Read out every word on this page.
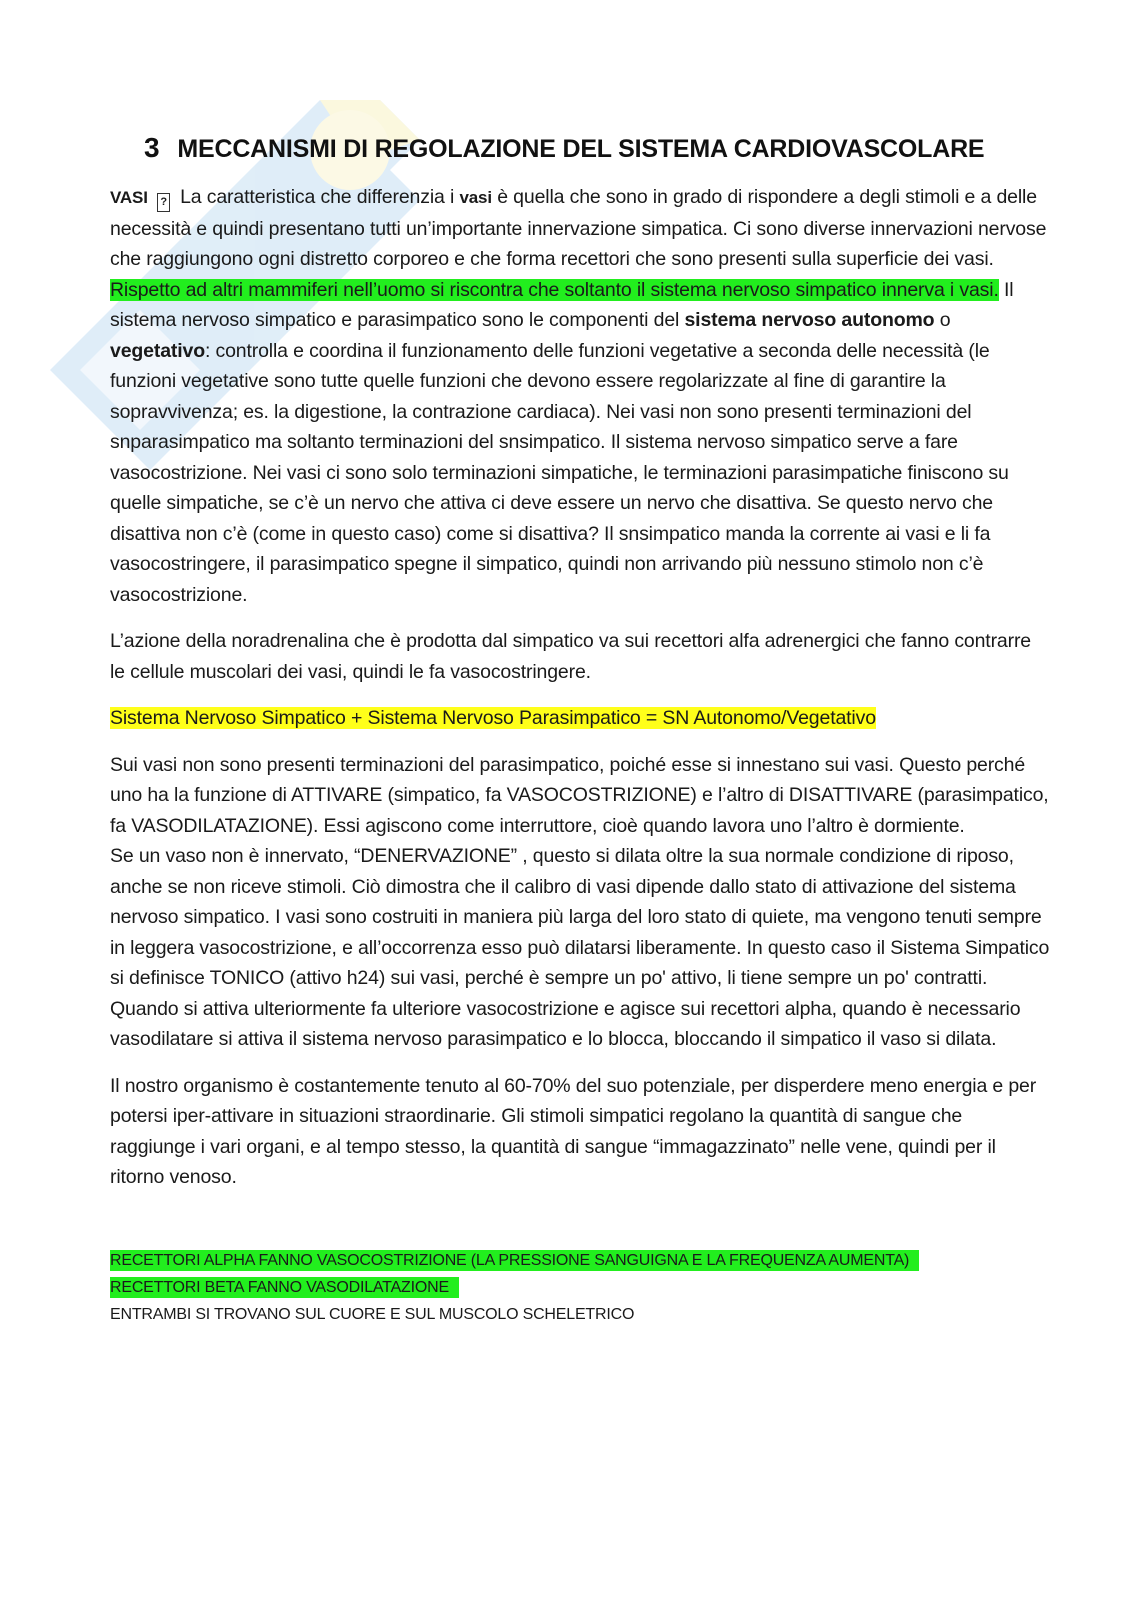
3 MECCANISMI DI REGOLAZIONE DEL SISTEMA CARDIOVASCOLARE

VASI ? La caratteristica che differenzia i vasi è quella che sono in grado di rispondere a degli stimoli e a delle necessità e quindi presentano tutti un’importante innervazione simpatica. Ci sono diverse innervazioni nervose che raggiungono ogni distretto corporeo e che forma recettori che sono presenti sulla superficie dei vasi. Rispetto ad altri mammiferi nell’uomo si riscontra che soltanto il sistema nervoso simpatico innerva i vasi. Il sistema nervoso simpatico e parasimpatico sono le componenti del sistema nervoso autonomo o vegetativo: controlla e coordina il funzionamento delle funzioni vegetative a seconda delle necessità (le funzioni vegetative sono tutte quelle funzioni che devono essere regolarizzate al fine di garantire la sopravvivenza; es. la digestione, la contrazione cardiaca). Nei vasi non sono presenti terminazioni del snparasimpatico ma soltanto terminazioni del snsimpatico. Il sistema nervoso simpatico serve a fare vasocostrizione. Nei vasi ci sono solo terminazioni simpatiche, le terminazioni parasimpatiche finiscono su quelle simpatiche, se c’è un nervo che attiva ci deve essere un nervo che disattiva. Se questo nervo che disattiva non c’è (come in questo caso) come si disattiva? Il snsimpatico manda la corrente ai vasi e li fa vasocostringere, il parasimpatico spegne il simpatico, quindi non arrivando più nessuno stimolo non c’è vasocostrizione.

L’azione della noradrenalina che è prodotta dal simpatico va sui recettori alfa adrenergici che fanno contrarre le cellule muscolari dei vasi, quindi le fa vasocostringere.

Sistema Nervoso Simpatico + Sistema Nervoso Parasimpatico = SN Autonomo/Vegetativo

Sui vasi non sono presenti terminazioni del parasimpatico, poiché esse si innestano sui vasi. Questo perché uno ha la funzione di ATTIVARE (simpatico, fa VASOCOSTRIZIONE) e l’altro di DISATTIVARE (parasimpatico, fa VASODILATAZIONE). Essi agiscono come interruttore, cioè quando lavora uno l’altro è dormiente.

Se un vaso non è innervato, “DENERVAZIONE” , questo si dilata oltre la sua normale condizione di riposo, anche se non riceve stimoli. Ciò dimostra che il calibro di vasi dipende dallo stato di attivazione del sistema nervoso simpatico. I vasi sono costruiti in maniera più larga del loro stato di quiete, ma vengono tenuti sempre in leggera vasocostrizione, e all’occorrenza esso può dilatarsi liberamente. In questo caso il Sistema Simpatico si definisce TONICO (attivo h24) sui vasi, perché è sempre un po' attivo, li tiene sempre un po' contratti. Quando si attiva ulteriormente fa ulteriore vasocostrizione e agisce sui recettori alpha, quando è necessario vasodilatare si attiva il sistema nervoso parasimpatico e lo blocca, bloccando il simpatico il vaso si dilata.

Il nostro organismo è costantemente tenuto al 60-70% del suo potenziale, per disperdere meno energia e per potersi iper-attivare in situazioni straordinarie. Gli stimoli simpatici regolano la quantità di sangue che raggiunge i vari organi, e al tempo stesso, la quantità di sangue “immagazzinato” nelle vene, quindi per il ritorno venoso.

RECETTORI ALPHA FANNO VASOCOSTRIZIONE (LA PRESSIONE SANGUIGNA E LA FREQUENZA AUMENTA)

RECETTORI BETA FANNO VASODILATAZIONE

ENTRAMBI SI TROVANO SUL CUORE E SUL MUSCOLO SCHELETRICO
